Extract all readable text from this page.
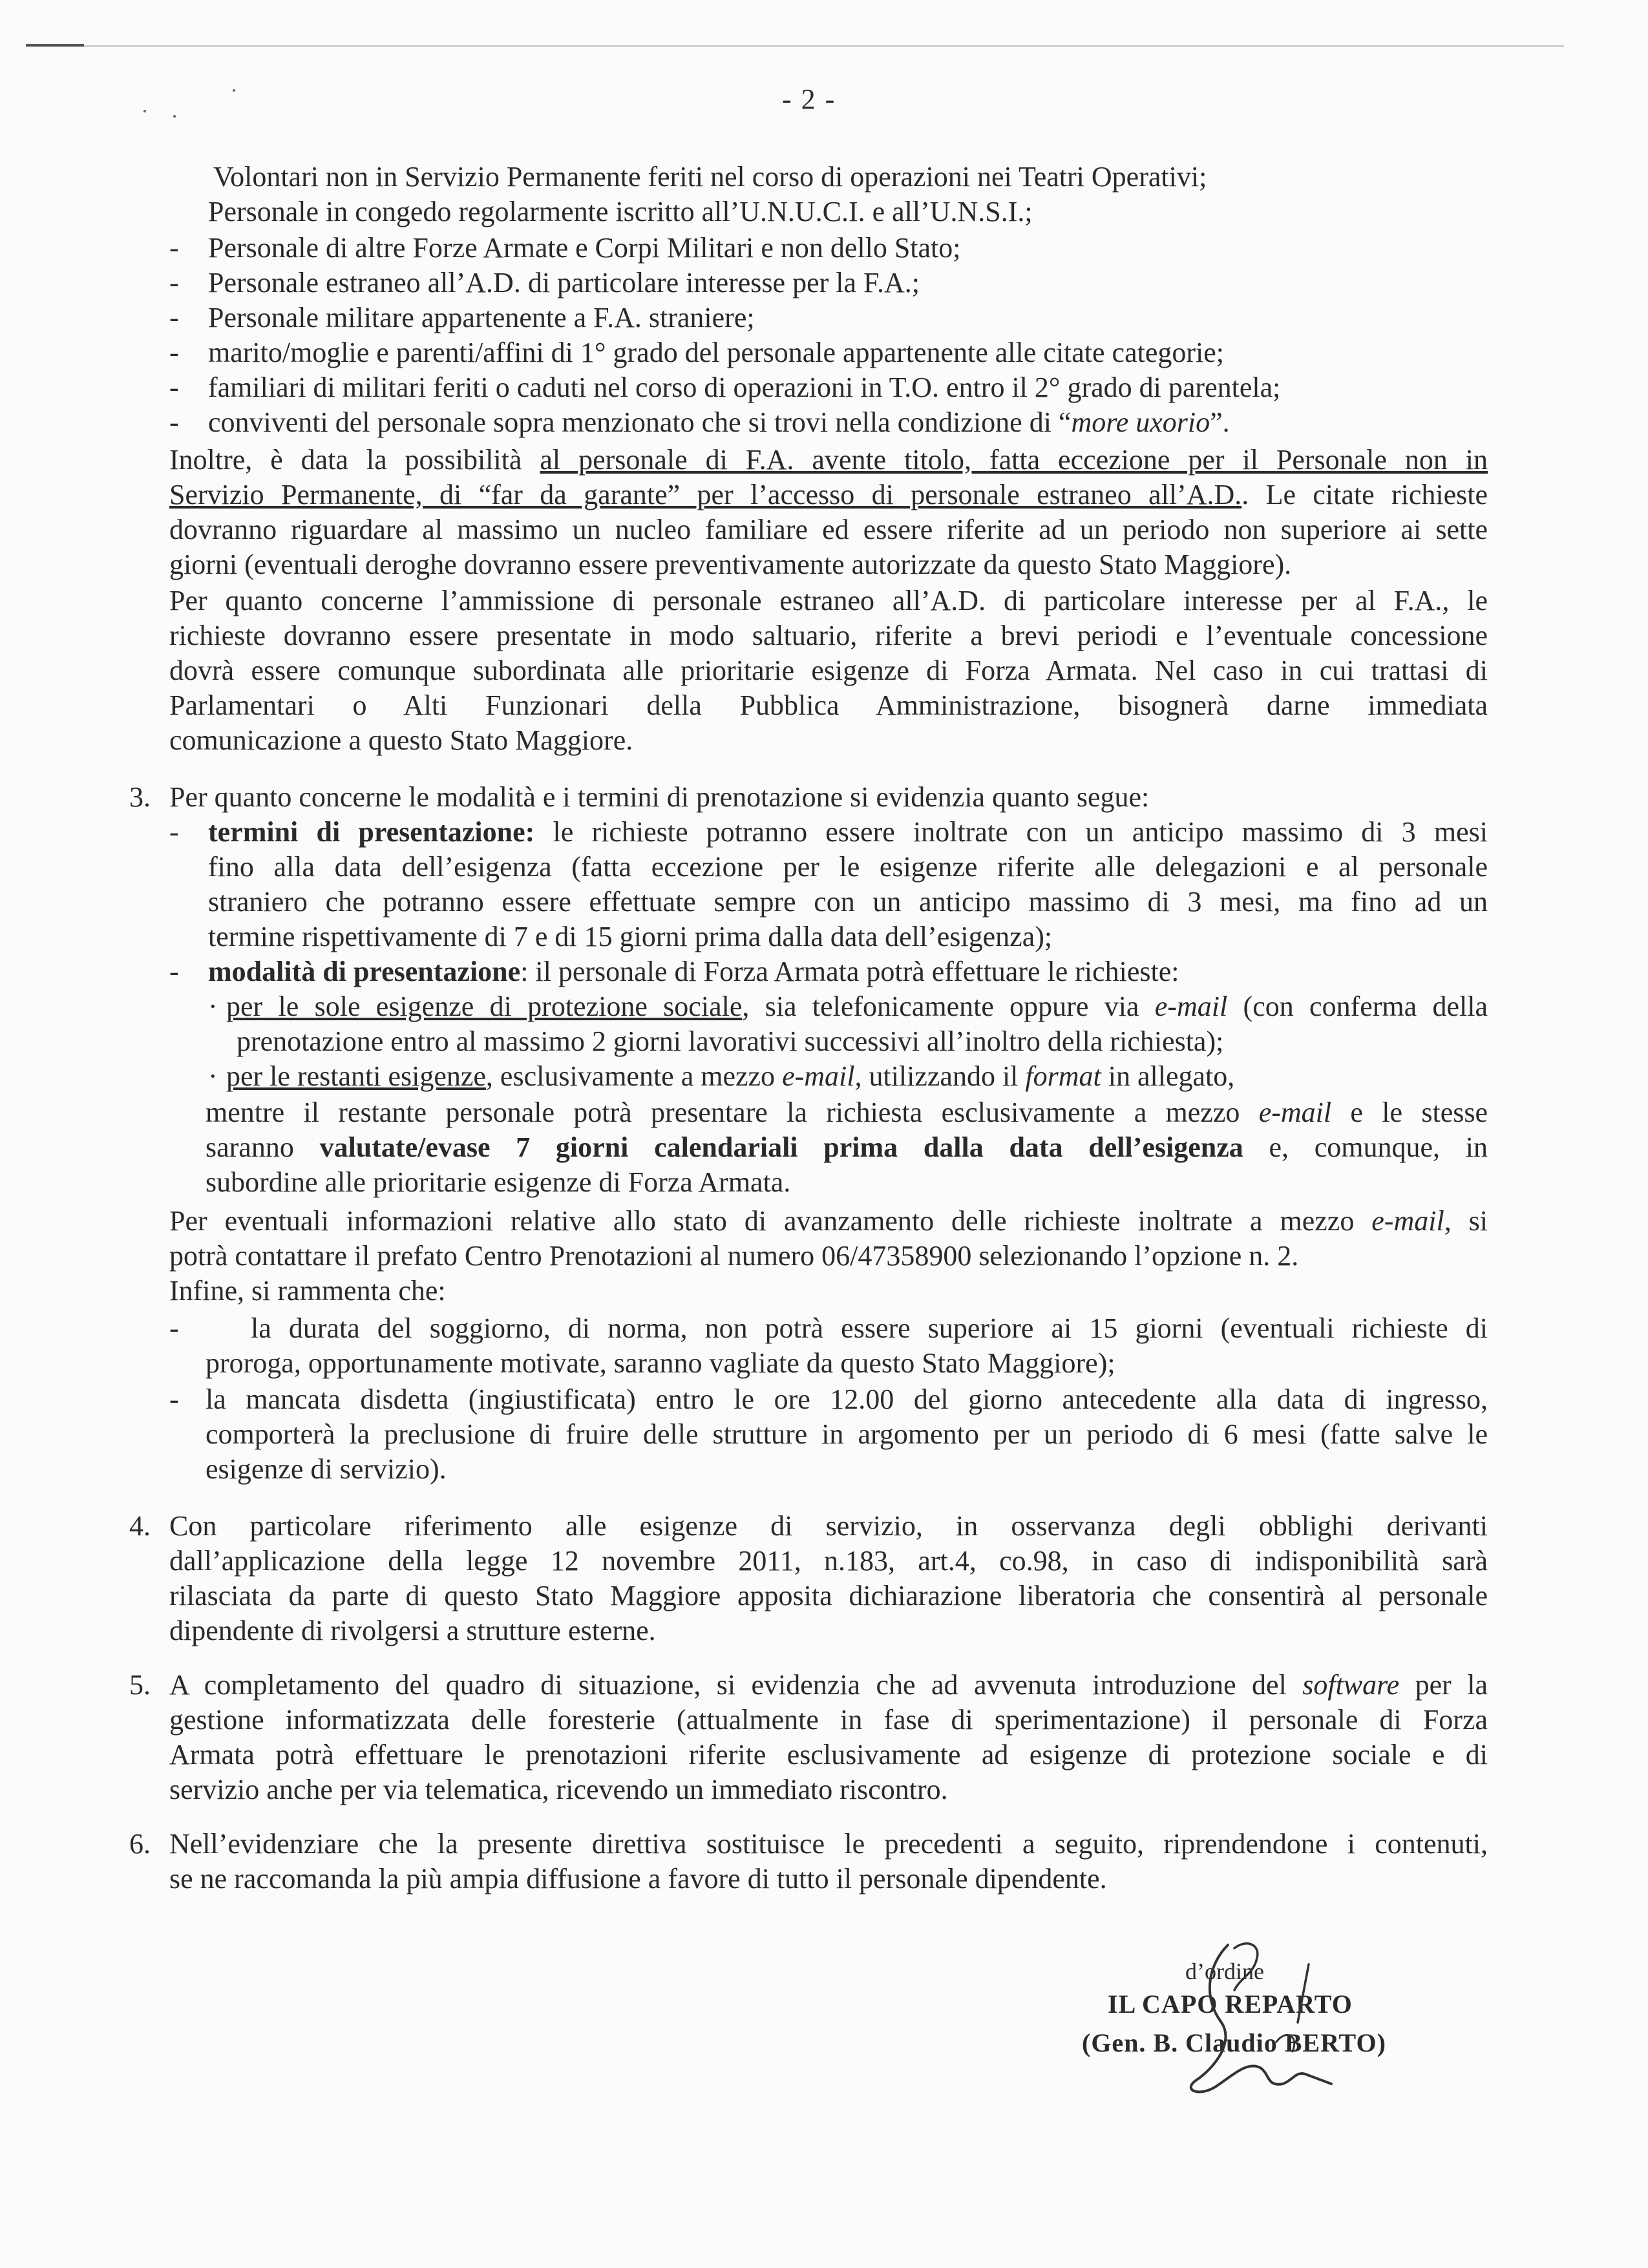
- 2 -
Volontari non in Servizio Permanente feriti nel corso di operazioni nei Teatri Operativi;
Personale in congedo regolarmente iscritto all’U.N.U.C.I. e all’U.N.S.I.;
- Personale di altre Forze Armate e Corpi Militari e non dello Stato;
- Personale estraneo all’A.D. di particolare interesse per la F.A.;
- Personale militare appartenente a F.A. straniere;
- marito/moglie e parenti/affini di 1° grado del personale appartenente alle citate categorie;
- familiari di militari feriti o caduti nel corso di operazioni in T.O. entro il 2° grado di parentela;
- conviventi del personale sopra menzionato che si trovi nella condizione di “more uxorio”.
Inoltre, è data la possibilità al personale di F.A. avente titolo, fatta eccezione per il Personale non in
Servizio Permanente, di “far da garante” per l’accesso di personale estraneo all’A.D.. Le citate richieste
dovranno riguardare al massimo un nucleo familiare ed essere riferite ad un periodo non superiore ai sette
giorni (eventuali deroghe dovranno essere preventivamente autorizzate da questo Stato Maggiore).
Per quanto concerne l’ammissione di personale estraneo all’A.D. di particolare interesse per al F.A., le
richieste dovranno essere presentate in modo saltuario, riferite a brevi periodi e l’eventuale concessione
dovrà essere comunque subordinata alle prioritarie esigenze di Forza Armata. Nel caso in cui trattasi di
Parlamentari o Alti Funzionari della Pubblica Amministrazione, bisognerà darne immediata
comunicazione a questo Stato Maggiore.
3. Per quanto concerne le modalità e i termini di prenotazione si evidenzia quanto segue:
- termini di presentazione: le richieste potranno essere inoltrate con un anticipo massimo di 3 mesi
fino alla data dell’esigenza (fatta eccezione per le esigenze riferite alle delegazioni e al personale
straniero che potranno essere effettuate sempre con un anticipo massimo di 3 mesi, ma fino ad un
termine rispettivamente di 7 e di 15 giorni prima dalla data dell’esigenza);
- modalità di presentazione: il personale di Forza Armata potrà effettuare le richieste:
· per le sole esigenze di protezione sociale, sia telefonicamente oppure via e-mail (con conferma della
prenotazione entro al massimo 2 giorni lavorativi successivi all’inoltro della richiesta);
· per le restanti esigenze, esclusivamente a mezzo e-mail, utilizzando il format in allegato,
mentre il restante personale potrà presentare la richiesta esclusivamente a mezzo e-mail e le stesse
saranno valutate/evase 7 giorni calendariali prima dalla data dell’esigenza e, comunque, in
subordine alle prioritarie esigenze di Forza Armata.
Per eventuali informazioni relative allo stato di avanzamento delle richieste inoltrate a mezzo e-mail, si
potrà contattare il prefato Centro Prenotazioni al numero 06/47358900 selezionando l’opzione n. 2.
Infine, si rammenta che:
-	la durata del soggiorno, di norma, non potrà essere superiore ai 15 giorni (eventuali richieste di
proroga, opportunamente motivate, saranno vagliate da questo Stato Maggiore);
- la mancata disdetta (ingiustificata) entro le ore 12.00 del giorno antecedente alla data di ingresso,
comporterà la preclusione di fruire delle strutture in argomento per un periodo di 6 mesi (fatte salve le
esigenze di servizio).
4. Con particolare riferimento alle esigenze di servizio, in osservanza degli obblighi derivanti
dall’applicazione della legge 12 novembre 2011, n.183, art.4, co.98, in caso di indisponibilità sarà
rilasciata da parte di questo Stato Maggiore apposita dichiarazione liberatoria che consentirà al personale
dipendente di rivolgersi a strutture esterne.
5. A completamento del quadro di situazione, si evidenzia che ad avvenuta introduzione del software per la
gestione informatizzata delle foresterie (attualmente in fase di sperimentazione) il personale di Forza
Armata potrà effettuare le prenotazioni riferite esclusivamente ad esigenze di protezione sociale e di
servizio anche per via telematica, ricevendo un immediato riscontro.
6. Nell’evidenziare che la presente direttiva sostituisce le precedenti a seguito, riprendendone i contenuti,
se ne raccomanda la più ampia diffusione a favore di tutto il personale dipendente.
d’ordine
IL CAPO REPARTO
(Gen. B. Claudio BERTO)
